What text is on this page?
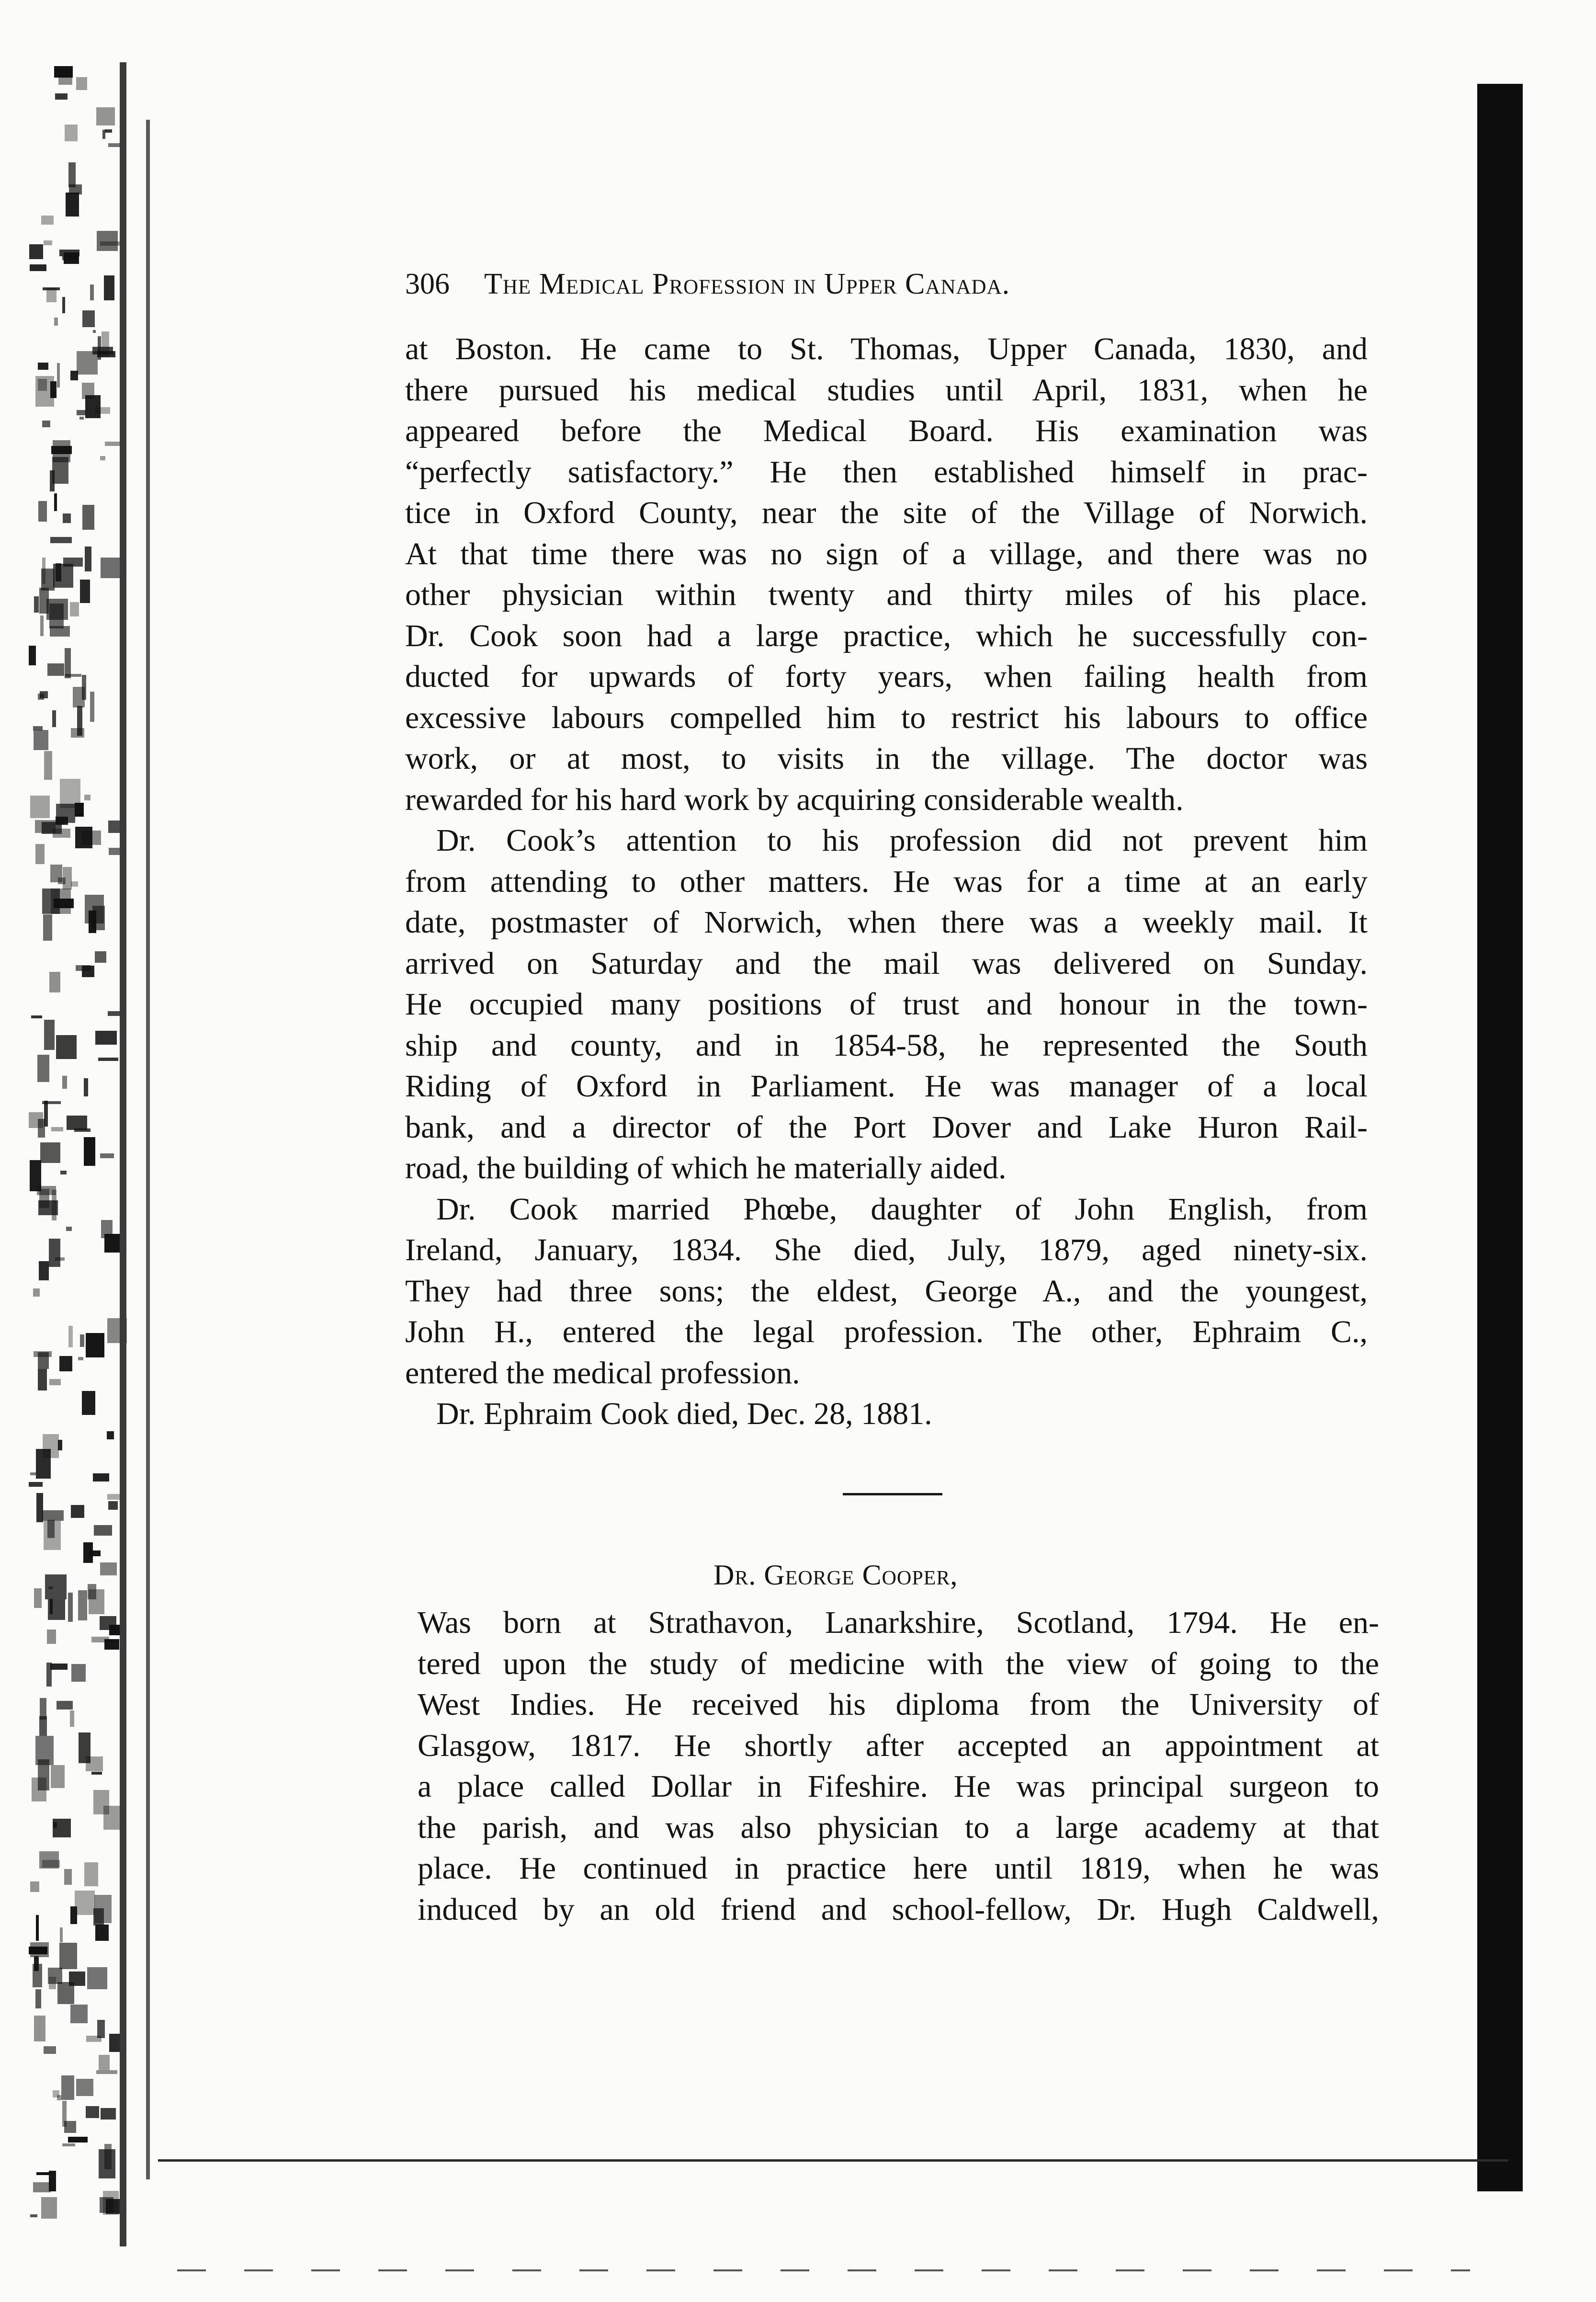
306 The Medical Profession in Upper Canada.

at Boston. He came to St. Thomas, Upper Canada, 1830, and
there pursued his medical studies until April, 1831, when he
appeared before the Medical Board. His examination was
“perfectly satisfactory.” He then established himself in prac-
tice in Oxford County, near the site of the Village of Norwich.
At that time there was no sign of a village, and there was no
other physician within twenty and thirty miles of his place.
Dr. Cook soon had a large practice, which he successfully con-
ducted for upwards of forty years, when failing health from
excessive labours compelled him to restrict his labours to office
work, or at most, to visits in the village. The doctor was
rewarded for his hard work by acquiring considerable wealth.

Dr. Cook’s attention to his profession did not prevent him
from attending to other matters. He was for a time at an early
date, postmaster of Norwich, when there was a weekly mail. It
arrived on Saturday and the mail was delivered on Sunday.
He occupied many positions of trust and honour in the town-
ship and county, and in 1854-58, he represented the South
Riding of Oxford in Parliament. He was manager of a local
bank, and a director of the Port Dover and Lake Huron Rail-
road, the building of which he materially aided.

Dr. Cook married Phœbe, daughter of John English, from
Ireland, January, 1834. She died, July, 1879, aged ninety-six.
They had three sons; the eldest, George A., and the youngest,
John H., entered the legal profession. The other, Ephraim C.,
entered the medical profession.

Dr. Ephraim Cook died, Dec. 28, 1881.

Dr. George Cooper,

Was born at Strathavon, Lanarkshire, Scotland, 1794. He en-
tered upon the study of medicine with the view of going to the
West Indies. He received his diploma from the University of
Glasgow, 1817. He shortly after accepted an appointment at
a place called Dollar in Fifeshire. He was principal surgeon to
the parish, and was also physician to a large academy at that
place. He continued in practice here until 1819, when he was
induced by an old friend and school-fellow, Dr. Hugh Caldwell,
